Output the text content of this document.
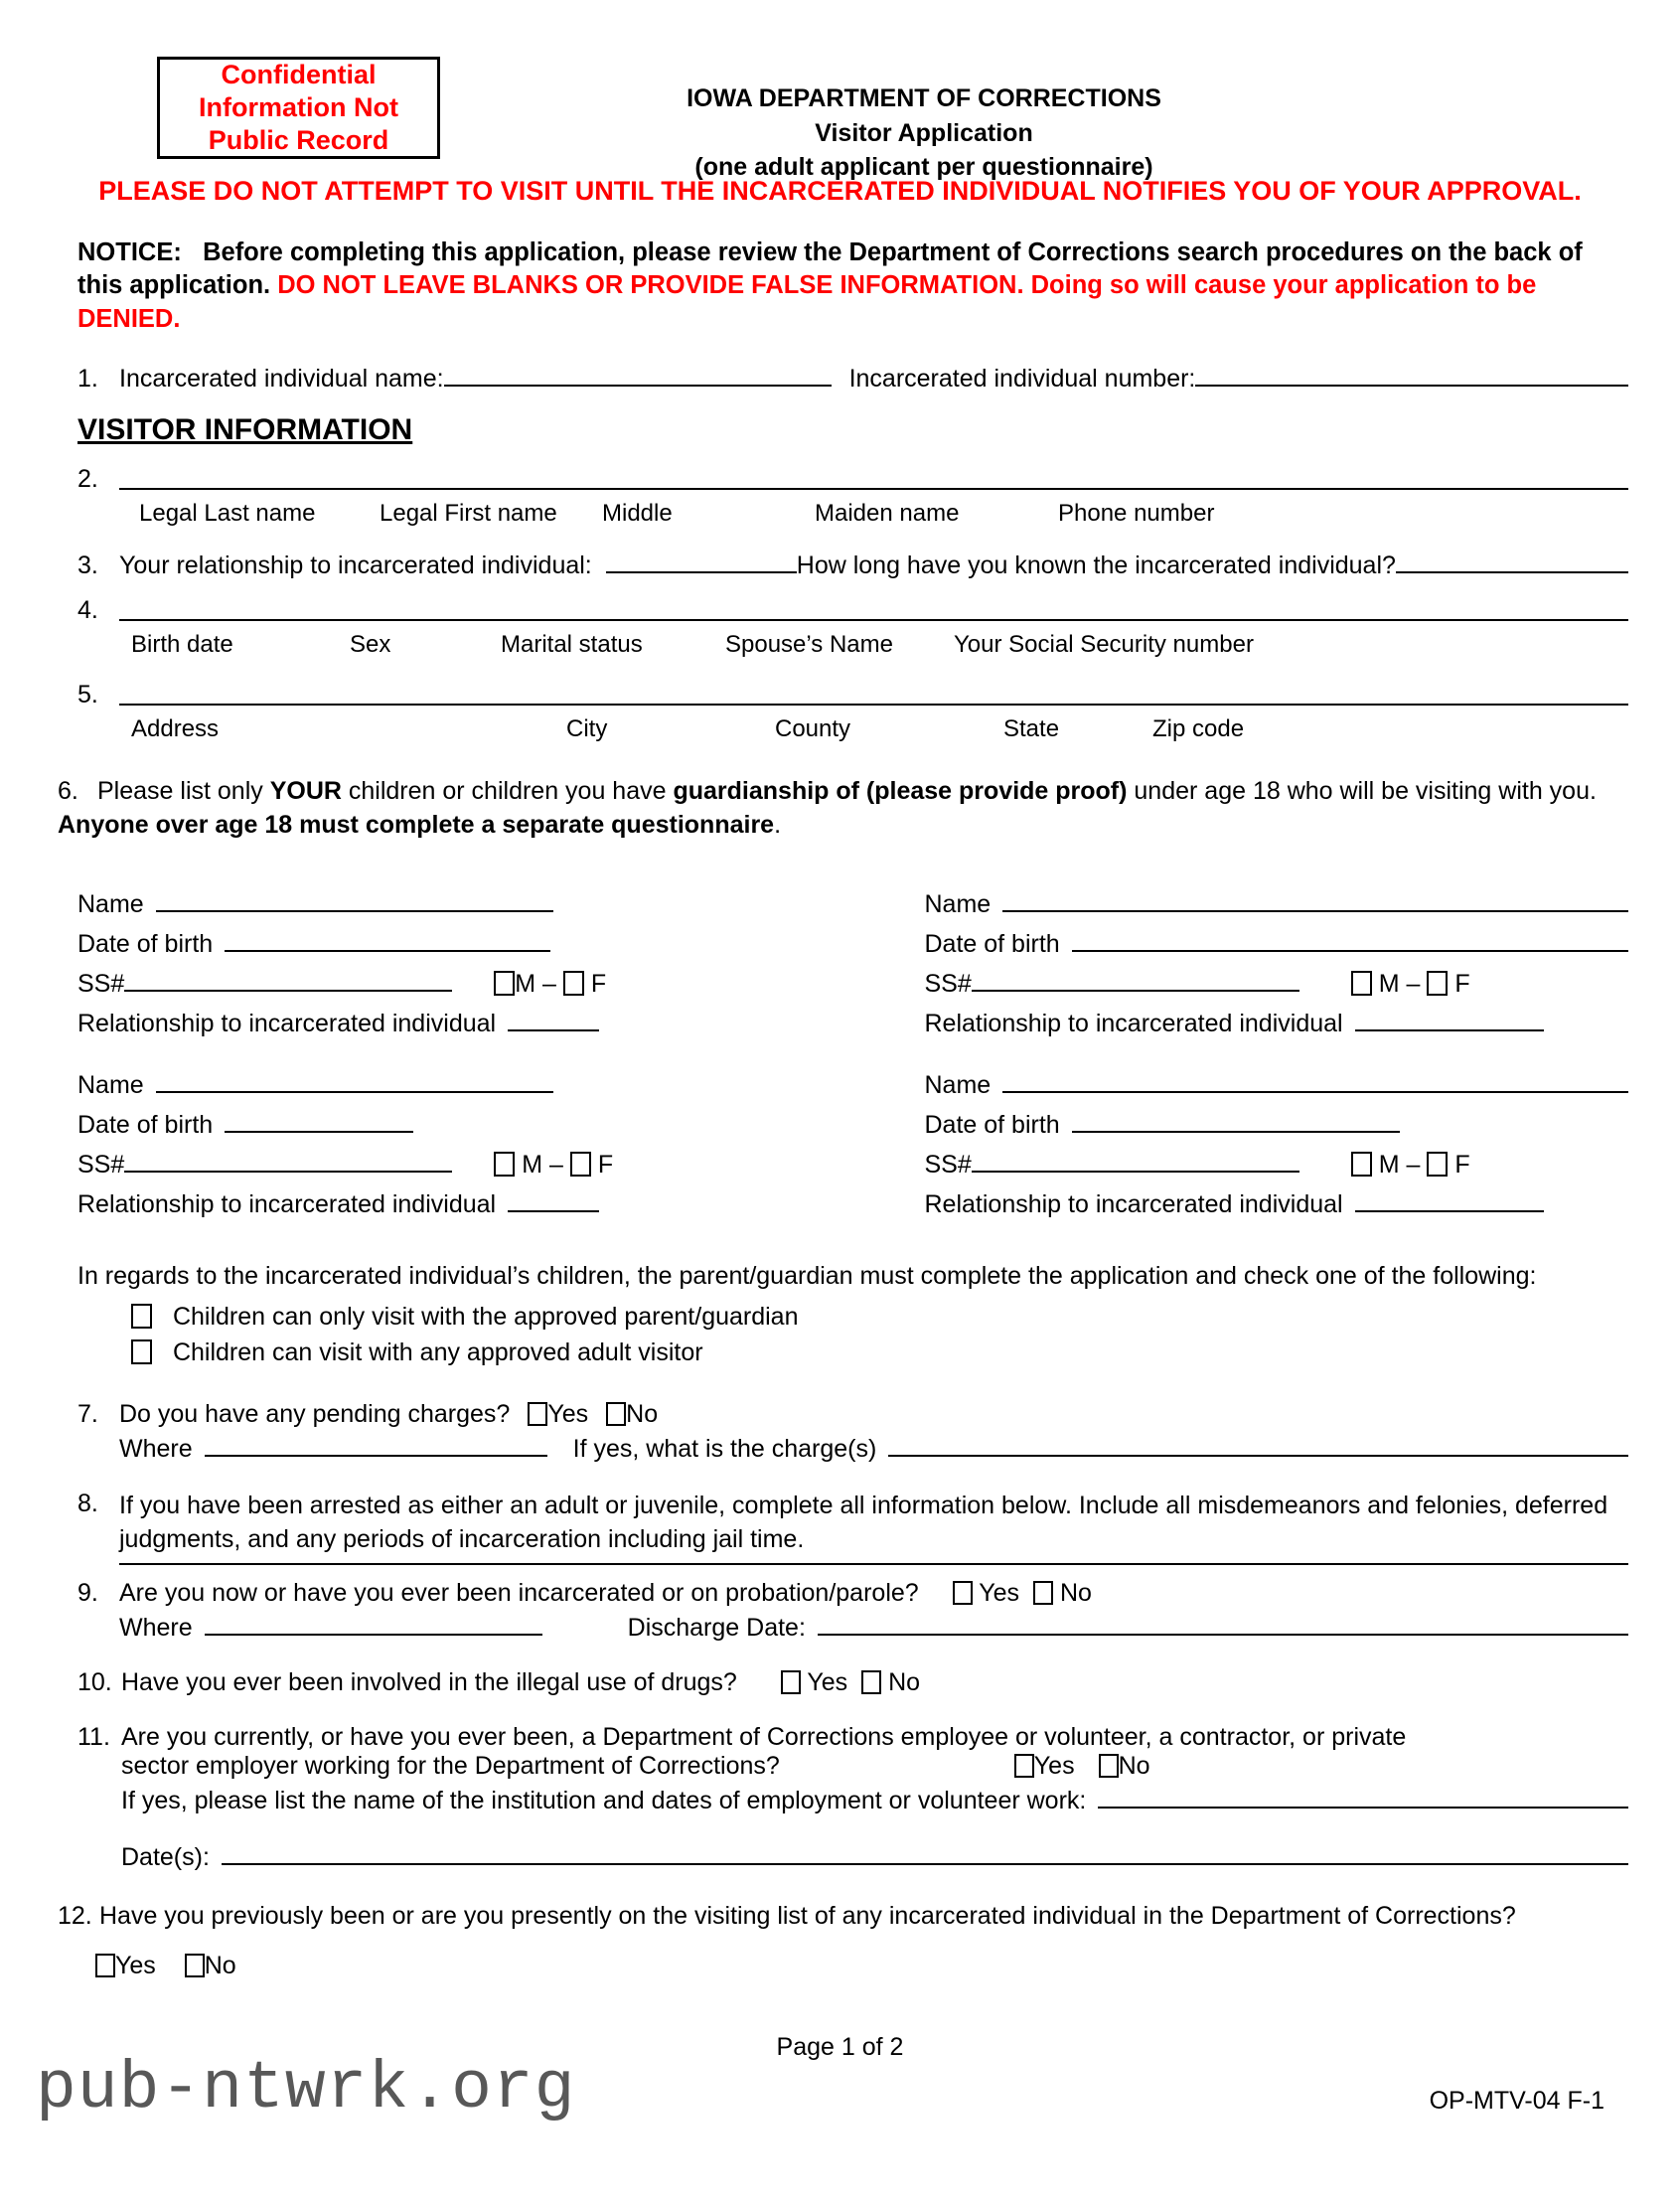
Confidential
Information Not
Public Record
IOWA DEPARTMENT OF CORRECTIONS
Visitor Application
(one adult applicant per questionnaire)
PLEASE DO NOT ATTEMPT TO VISIT UNTIL THE INCARCERATED INDIVIDUAL NOTIFIES YOU OF YOUR APPROVAL.
NOTICE: Before completing this application, please review the Department of Corrections search procedures on the back of this application. DO NOT LEAVE BLANKS OR PROVIDE FALSE INFORMATION. Doing so will cause your application to be DENIED.
1. Incarcerated individual name:	Incarcerated individual number:
VISITOR INFORMATION
2.
Legal Last name	Legal First name Middle	Maiden name	Phone number
3. Your relationship to incarcerated individual:	How long have you known the incarcerated individual?
4.
Birth date	Sex	Marital status	Spouse’s Name	Your Social Security number
5.
Address	City	County	State	Zip code
6. Please list only YOUR children or children you have guardianship of (please provide proof) under age 18 who will be visiting with you. Anyone over age 18 must complete a separate questionnaire.
Name
Date of birth
SS#	M – F
Relationship to incarcerated individual
Name
Date of birth
SS#	M – F
Relationship to incarcerated individual
Name
Date of birth
SS#	M – F
Relationship to incarcerated individual
Name
Date of birth
SS#	M – F
Relationship to incarcerated individual
In regards to the incarcerated individual’s children, the parent/guardian must complete the application and check one of the following:
Children can only visit with the approved parent/guardian
Children can visit with any approved adult visitor
7. Do you have any pending charges?	Yes	No
Where	If yes, what is the charge(s)
8. If you have been arrested as either an adult or juvenile, complete all information below. Include all misdemeanors and felonies, deferred judgments, and any periods of incarceration including jail time.
9. Are you now or have you ever been incarcerated or on probation/parole?	Yes	No
Where	Discharge Date:
10. Have you ever been involved in the illegal use of drugs?	Yes	No
11. Are you currently, or have you ever been, a Department of Corrections employee or volunteer, a contractor, or private
sector employer working for the Department of Corrections?	Yes	No
If yes, please list the name of the institution and dates of employment or volunteer work:
Date(s):
12. Have you previously been or are you presently on the visiting list of any incarcerated individual in the Department of Corrections?
Yes No
Page 1 of 2
OP-MTV-04 F-1
pub-ntwrk.org
